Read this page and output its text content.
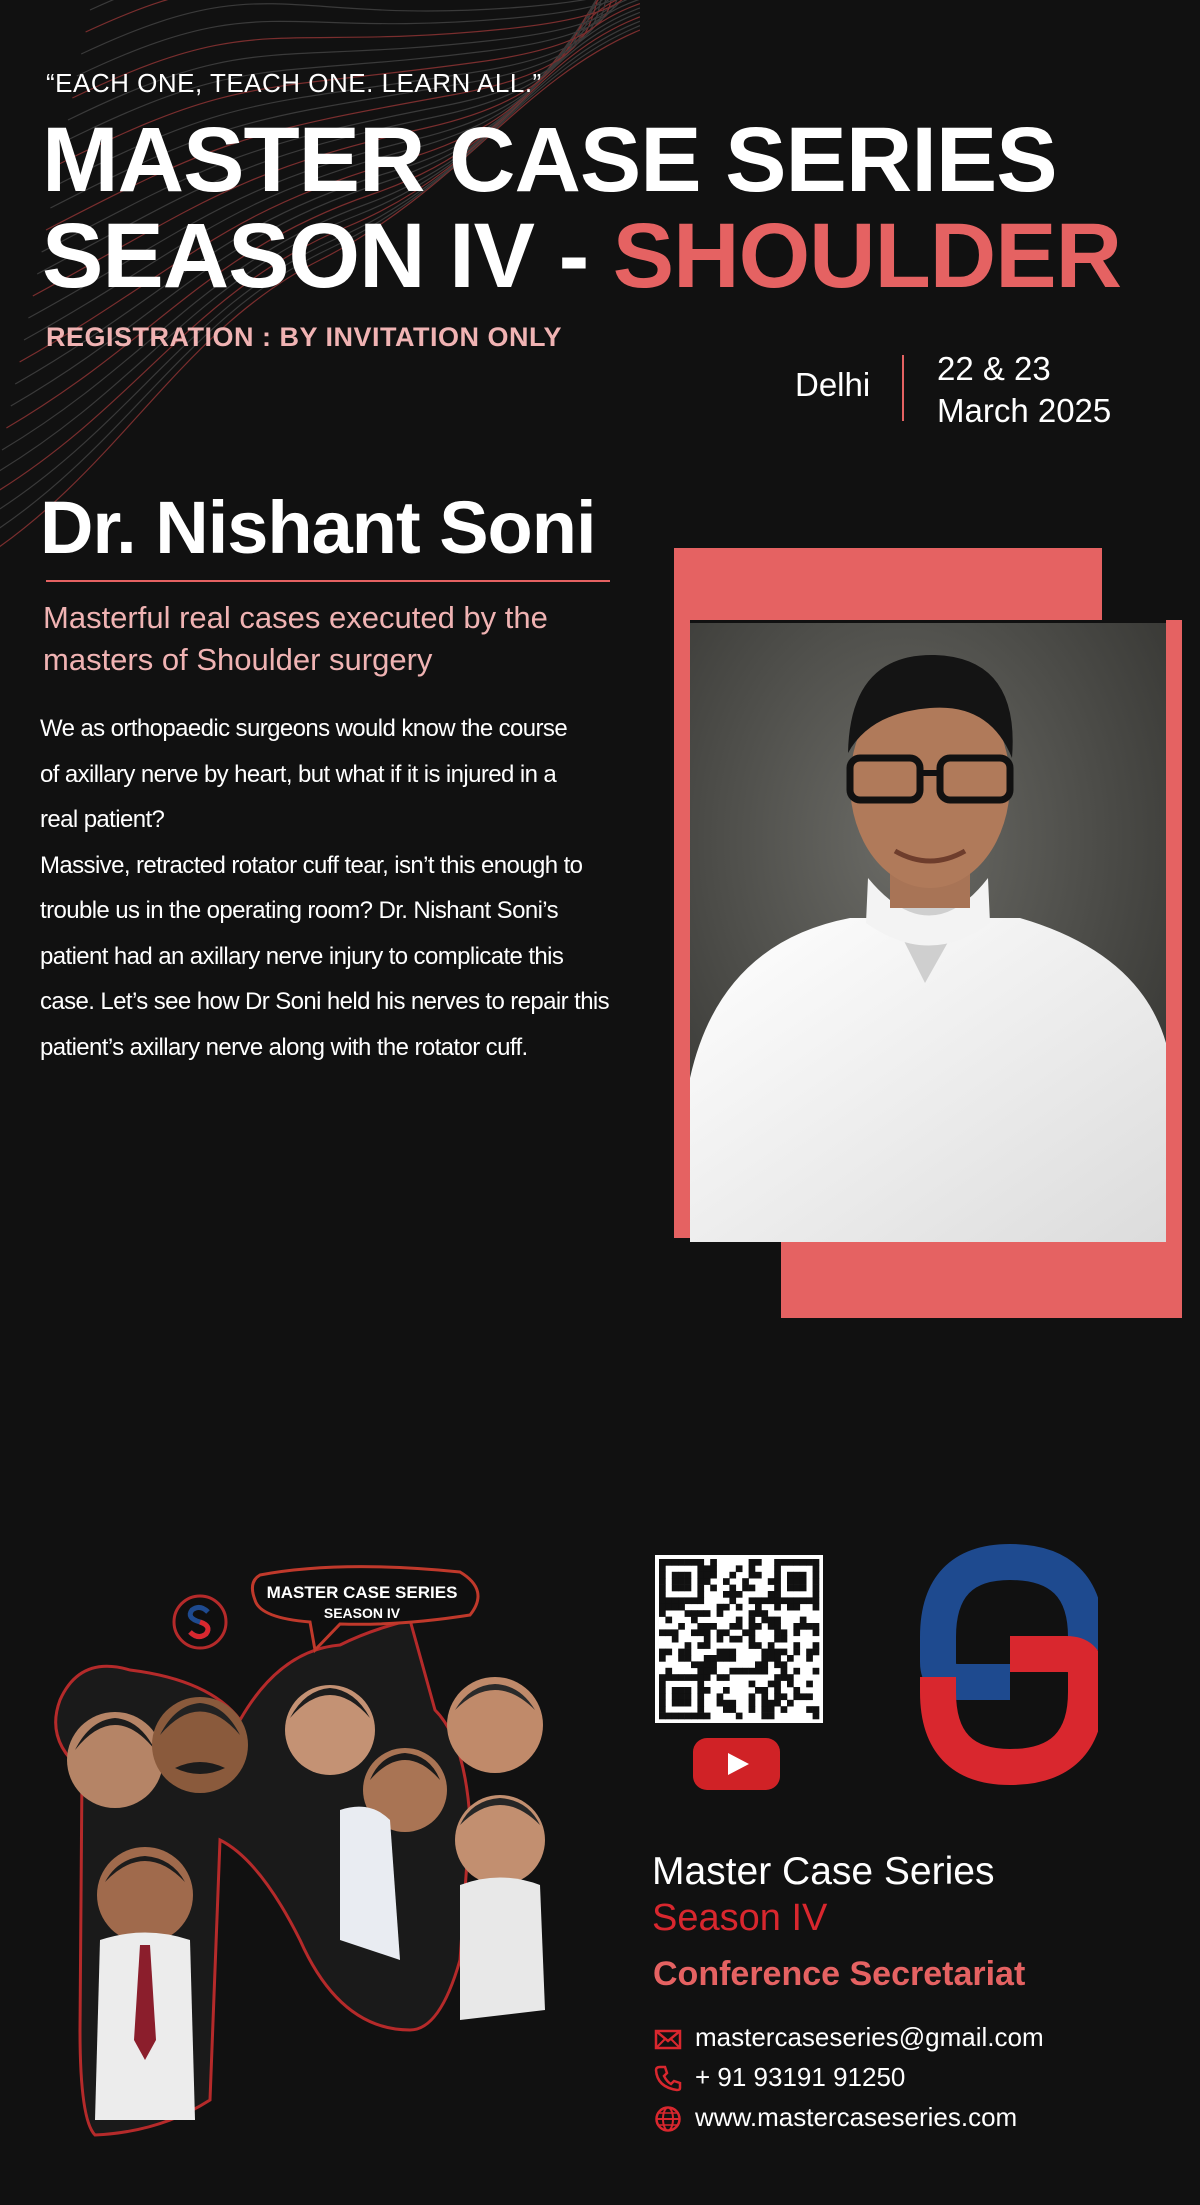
“EACH ONE, TEACH ONE. LEARN ALL.”
MASTER CASE SERIES
SEASON IV - SHOULDER
REGISTRATION : BY INVITATION ONLY
Delhi 22 & 23
March 2025
Dr. Nishant Soni
Masterful real cases executed by the masters of Shoulder surgery
We as orthopaedic surgeons would know the course
of axillary nerve by heart, but what if it is injured in a
real patient?
Massive, retracted rotator cuff tear, isn’t this enough to
trouble us in the operating room? Dr. Nishant Soni’s
patient had an axillary nerve injury to complicate this
case. Let’s see how Dr Soni held his nerves to repair this
patient’s axillary nerve along with the rotator cuff.
MASTER CASE SERIES
SEASON IV
Master Case Series
Season IV
Conference Secretariat
mastercaseseries@gmail.com
+ 91 93191 91250
www.mastercaseseries.com
